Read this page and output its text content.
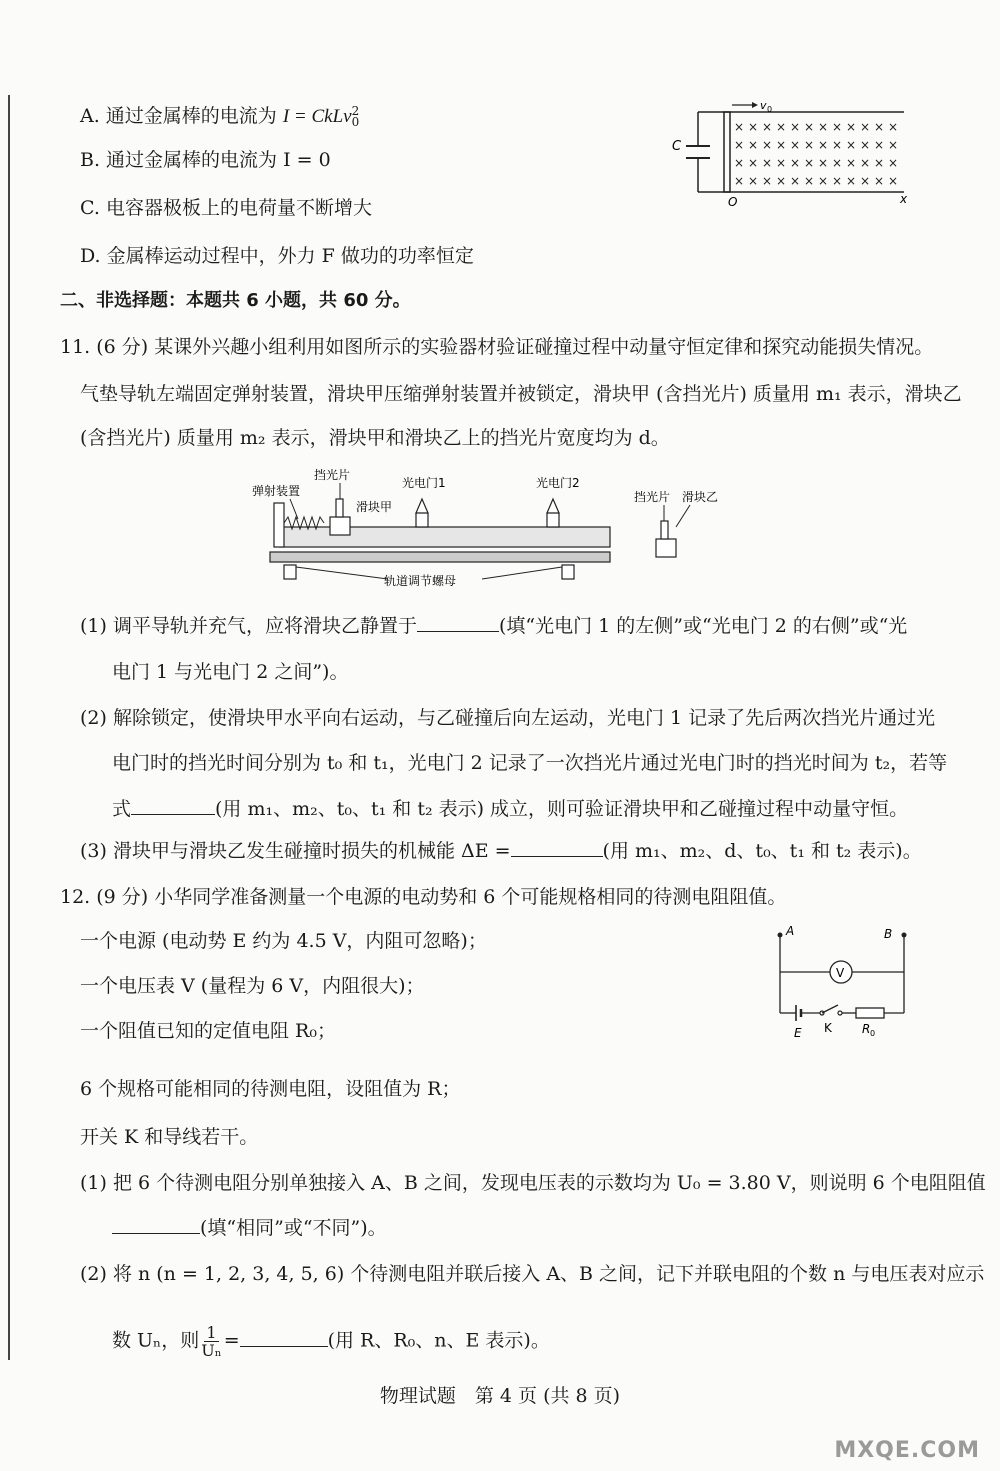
A. 通过金属棒的电流为 I = CkLv 2
0
B. 通过金属棒的电流为 I = 0
C. 电容器极板上的电荷量不断增大
D. 金属棒运动过程中，外力 F 做功的功率恒定
v 0
C
O	x
× × × × × × × × × × × ×
× × × × × × × × × × × ×
× × × × × × × × × × × ×
× × × × × × × × × × × ×
二、非选择题：本题共 6 小题，共 60 分。
11. (6 分) 某课外兴趣小组利用如图所示的实验器材验证碰撞过程中动量守恒定律和探究动能损失情况。
气垫导轨左端固定弹射装置，滑块甲压缩弹射装置并被锁定，滑块甲 (含挡光片) 质量用 m₁ 表示，滑块乙
(含挡光片) 质量用 m₂ 表示，滑块甲和滑块乙上的挡光片宽度均为 d。
轨道调节螺母
弹射装置
挡光片
滑块甲
光电门1	光电门2
挡光片 滑块乙
(1) 调平导轨并充气，应将滑块乙静置于	(填“光电门 1 的左侧”或“光电门 2 的右侧”或“光
电门 1 与光电门 2 之间”)。
(2) 解除锁定，使滑块甲水平向右运动，与乙碰撞后向左运动，光电门 1 记录了先后两次挡光片通过光
电门时的挡光时间分别为 t₀ 和 t₁，光电门 2 记录了一次挡光片通过光电门时的挡光时间为 t₂，若等
式	(用 m₁、m₂、t₀、t₁ 和 t₂ 表示) 成立，则可验证滑块甲和乙碰撞过程中动量守恒。
(3) 滑块甲与滑块乙发生碰撞时损失的机械能 ΔE =	(用 m₁、m₂、d、t₀、t₁ 和 t₂ 表示)。
12. (9 分) 小华同学准备测量一个电源的电动势和 6 个可能规格相同的待测电阻阻值。
一个电源 (电动势 E 约为 4.5 V，内阻可忽略)；
一个电压表 V (量程为 6 V，内阻很大)；
一个阻值已知的定值电阻 R₀；
6 个规格可能相同的待测电阻，设阻值为 R；
开关 K 和导线若干。
A	B
V
E K	R 0
(1) 把 6 个待测电阻分别单独接入 A、B 之间，发现电压表的示数均为 U₀ = 3.80 V，则说明 6 个电阻阻值
(填“相同”或“不同”)。
(2) 将 n (n = 1, 2, 3, 4, 5, 6) 个待测电阻并联后接入 A、B 之间，记下并联电阻的个数 n 与电压表对应示
数 Uₙ，则 $\frac{1}{\text{Uₙ}}$ =	(用 R、R₀、n、E 表示)。
物理试题　第 4 页 (共 8 页)
MXQE.COM
